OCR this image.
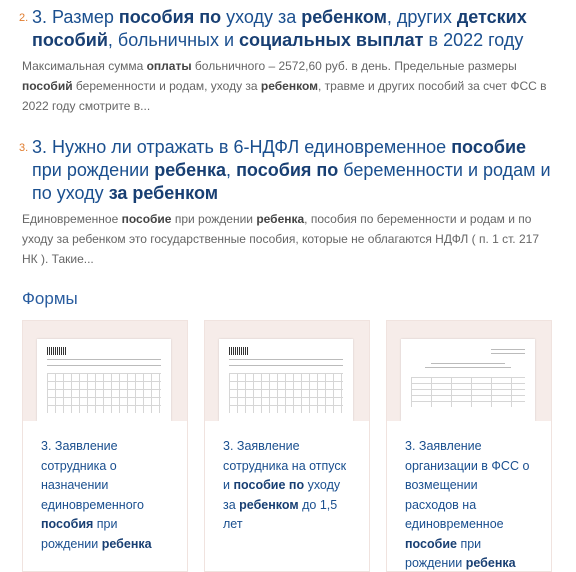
2. 3. Размер пособия по уходу за ребенком, других детских пособий, больничных и социальных выплат в 2022 году
Максимальная сумма оплаты больничного – 2572,60 руб. в день. Предельные размеры пособий беременности и родам, уходу за ребенком, травме и других пособий за счет ФСС в 2022 году смотрите в...
3. 3. Нужно ли отражать в 6-НДФЛ единовременное пособие при рождении ребенка, пособия по беременности и родам и по уходу за ребенком
Единовременное пособие при рождении ребенка, пособия по беременности и родам и по уходу за ребенком это государственные пособия, которые не облагаются НДФЛ ( п. 1 ст. 217 НК ). Такие...
Формы
3. Заявление сотрудника о назначении единовременного пособия при рождении ребенка
3. Заявление сотрудника на отпуск и пособие по уходу за ребенком до 1,5 лет
3. Заявление организации в ФСС о возмещении расходов на единовременное пособие при рождении ребенка
